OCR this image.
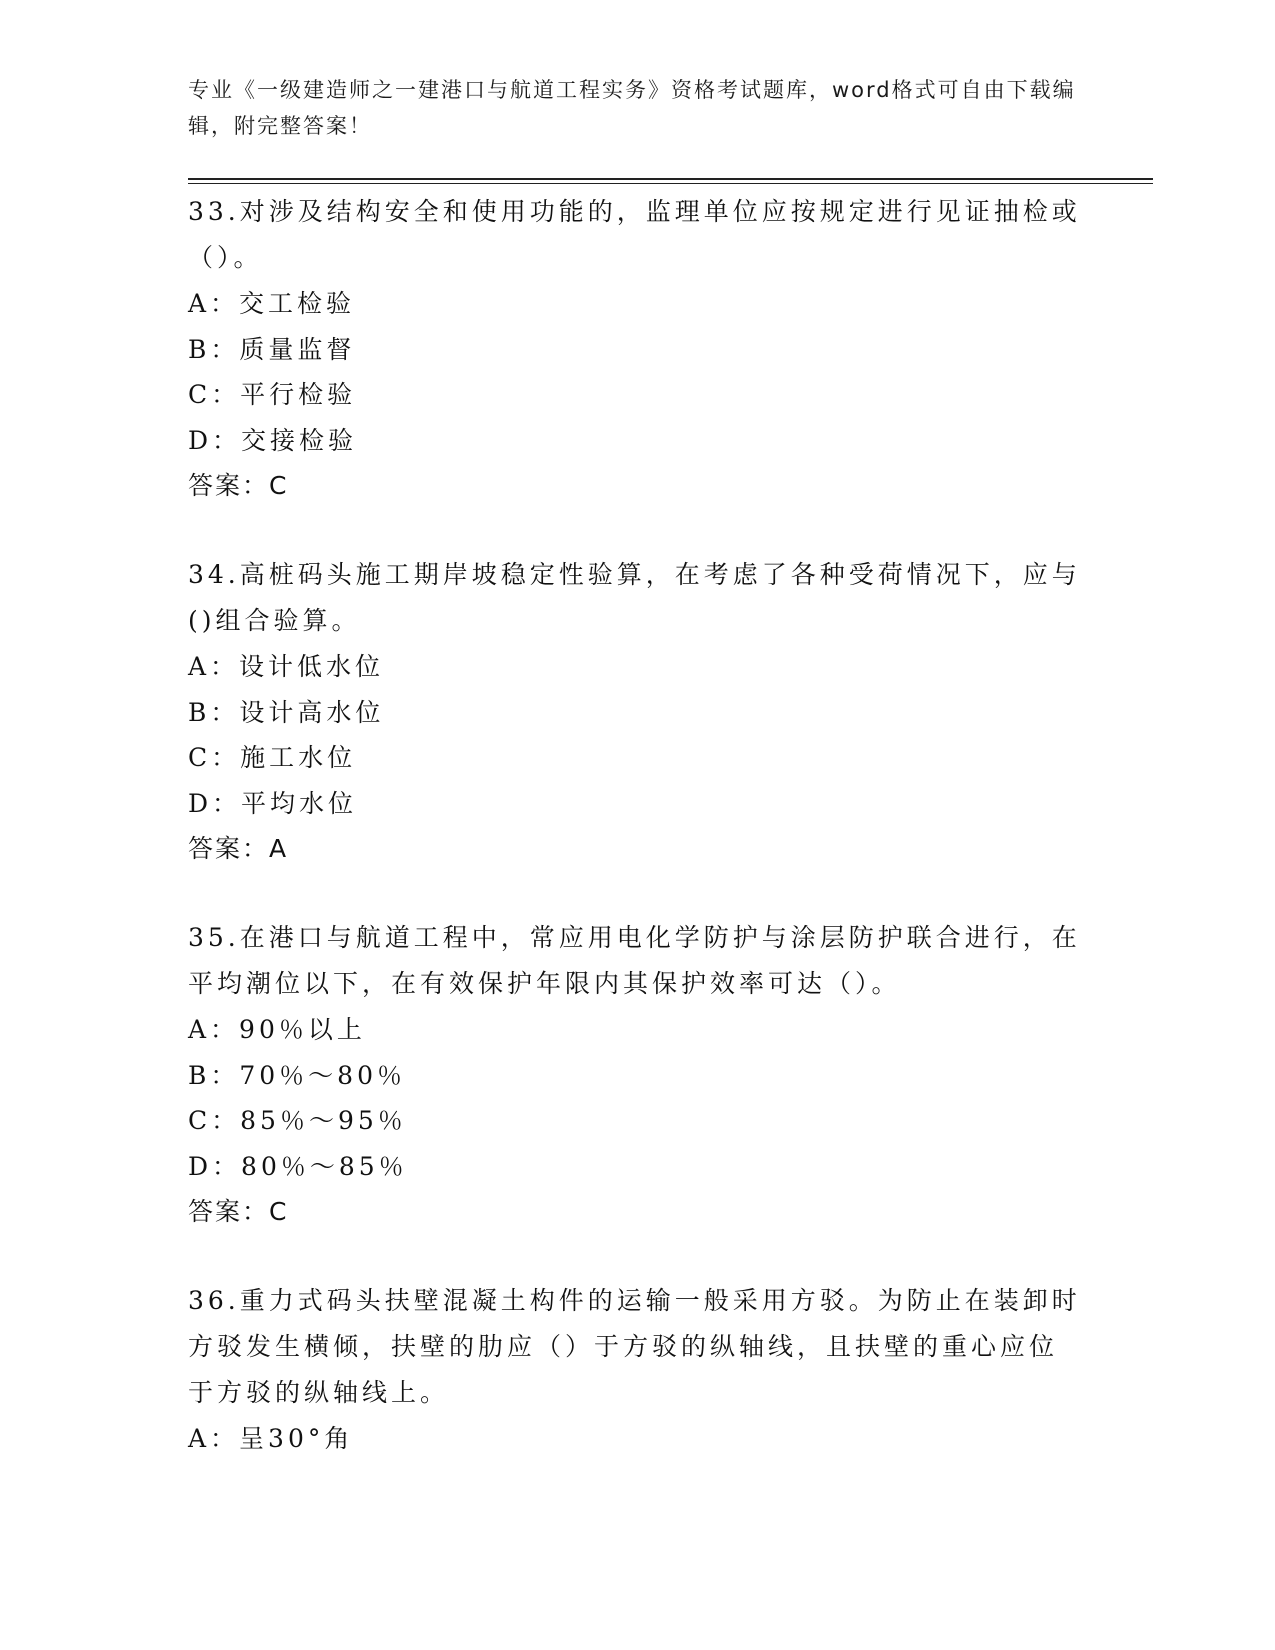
专业《一级建造师之一建港口与航道工程实务》资格考试题库，word格式可自由下载编辑，附完整答案！

33.对涉及结构安全和使用功能的，监理单位应按规定进行见证抽检或（）。

A：交工检验

B：质量监督

C：平行检验

D：交接检验

答案：C

34.高桩码头施工期岸坡稳定性验算，在考虑了各种受荷情况下，应与()组合验算。

A：设计低水位

B：设计高水位

C：施工水位

D：平均水位

答案：A

35.在港口与航道工程中，常应用电化学防护与涂层防护联合进行，在平均潮位以下，在有效保护年限内其保护效率可达（）。

A：90％以上

B：70％～80％

C：85％～95％

D：80％～85％

答案：C

36.重力式码头扶壁混凝土构件的运输一般采用方驳。为防止在装卸时方驳发生横倾，扶壁的肋应（）于方驳的纵轴线，且扶壁的重心应位于方驳的纵轴线上。

A：呈30°角
